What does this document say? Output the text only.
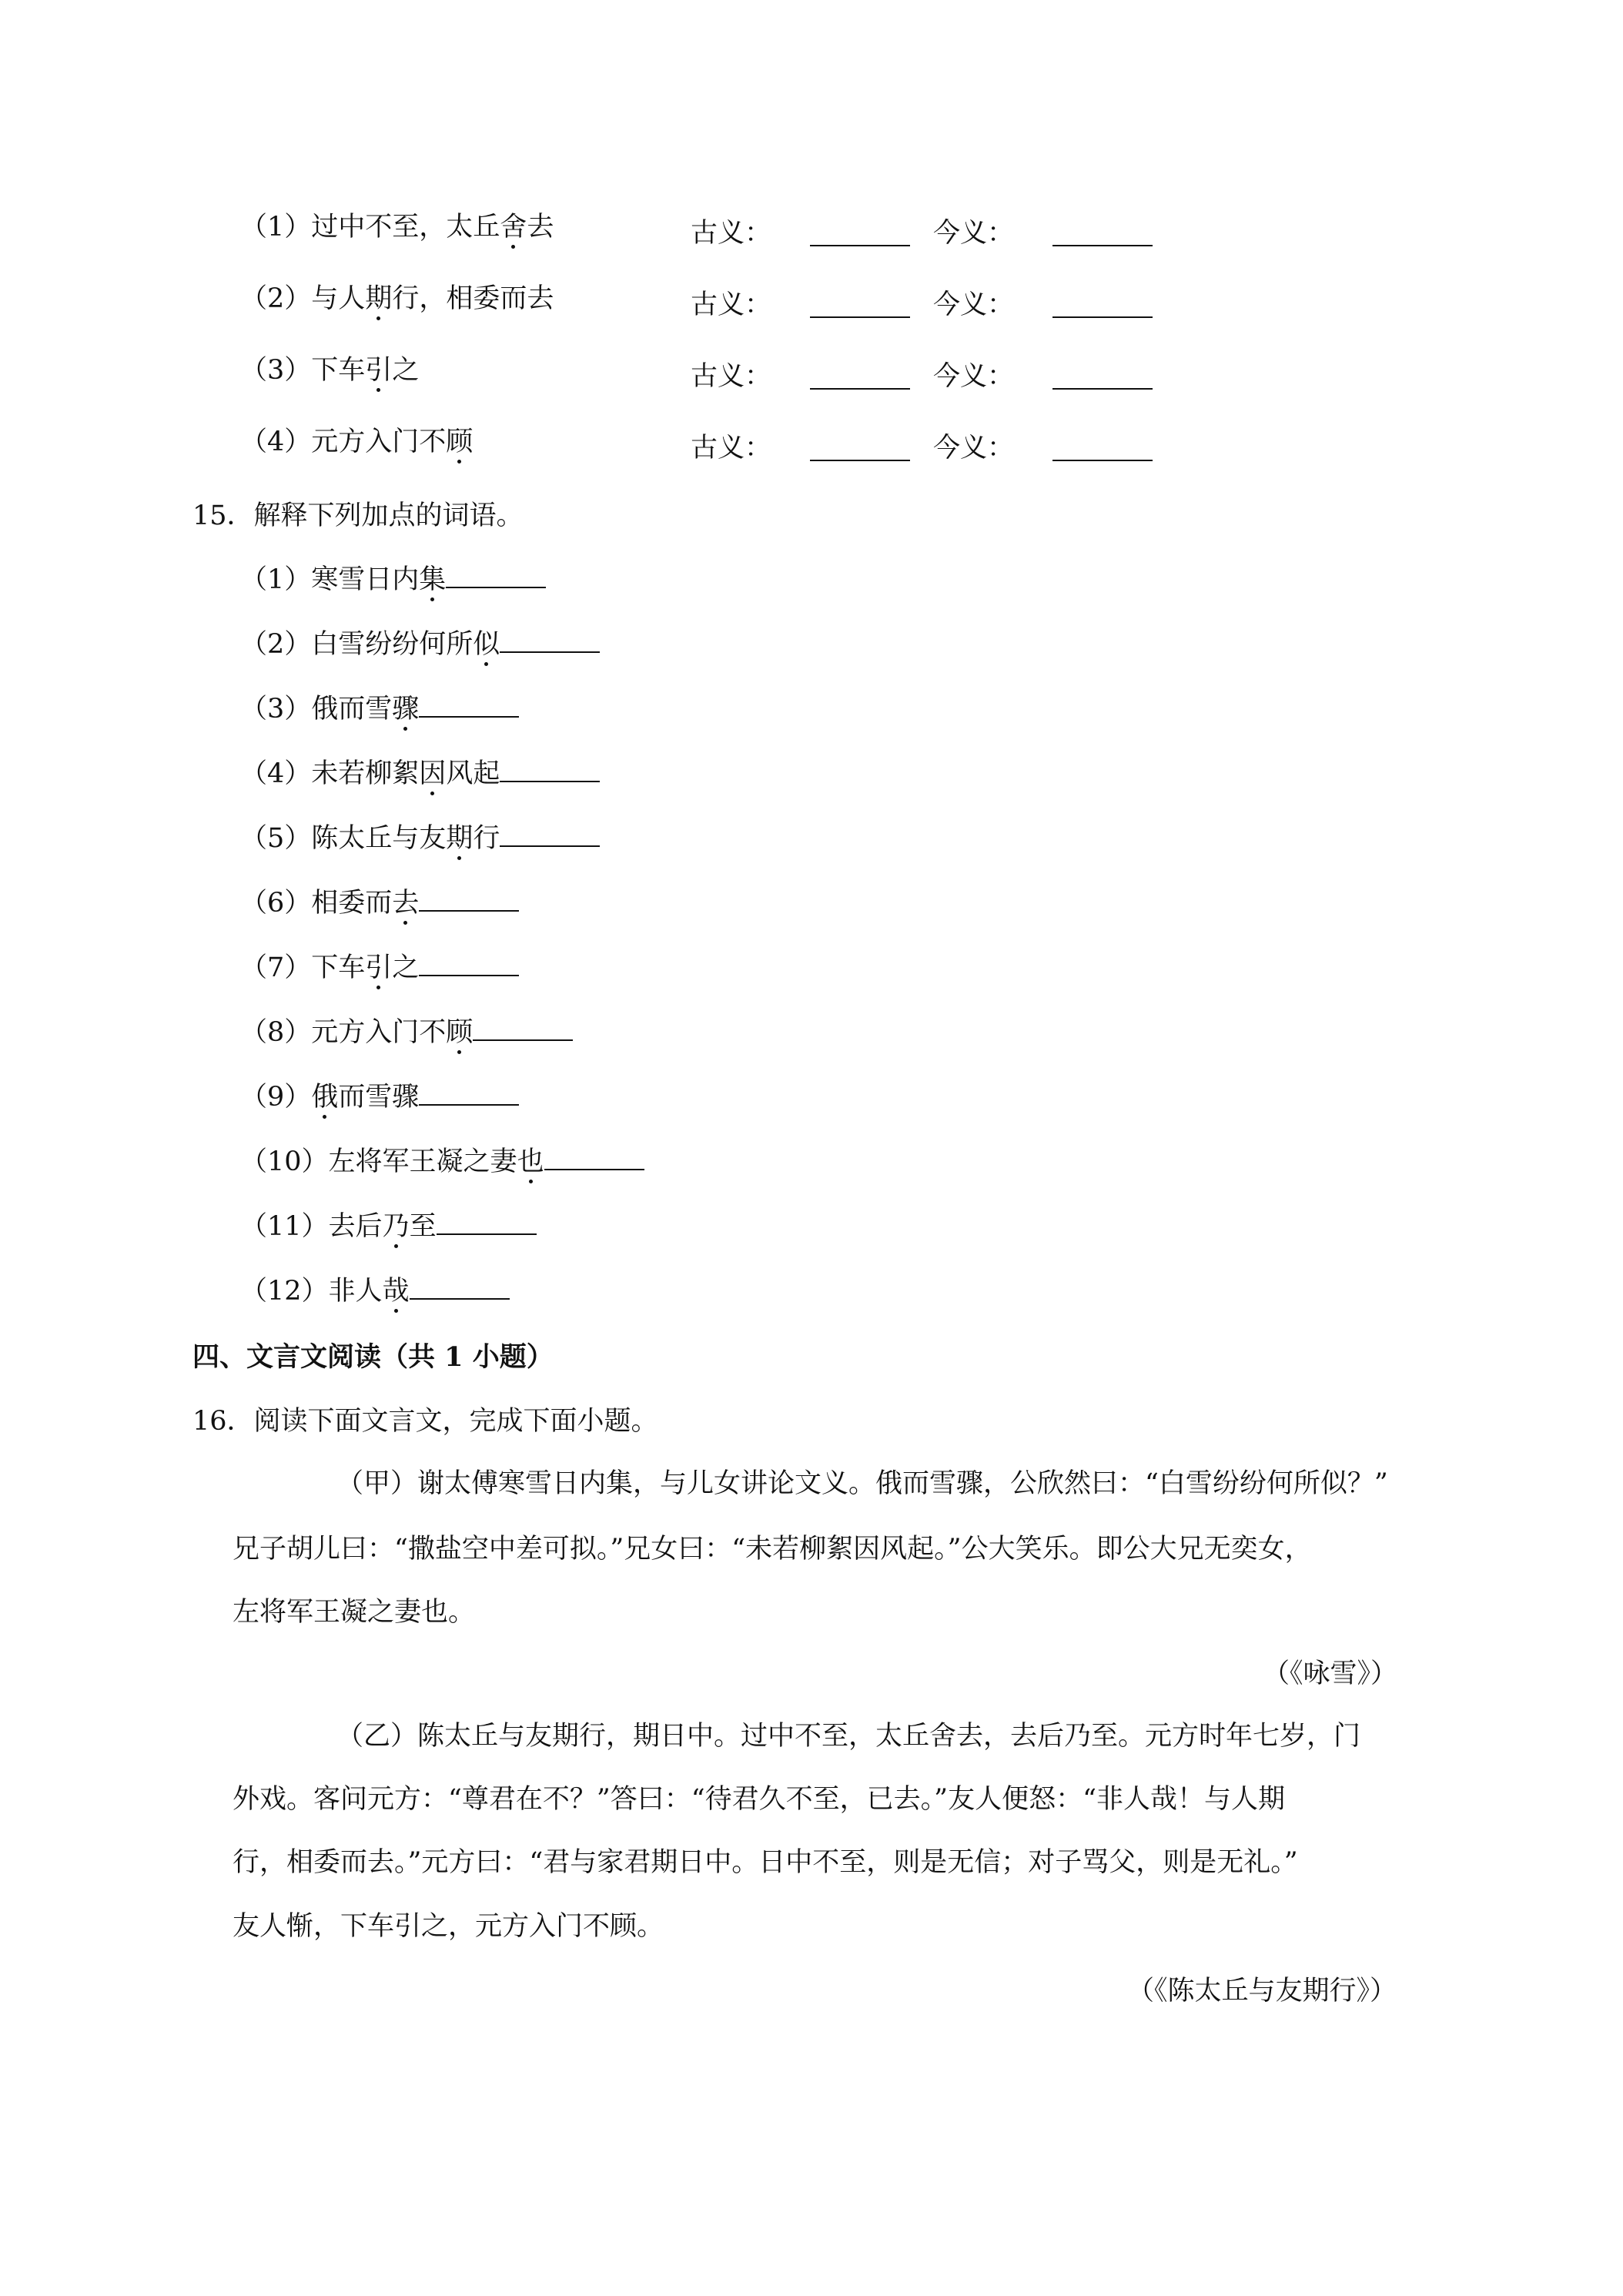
（1）过中不至，太丘舍去	古义：	今义：
（2）与人期行，相委而去	古义：	今义：
（3）下车引之	古义：	今义：
（4）元方入门不顾	古义：	今义：
15．解释下列加点的词语。
（1）寒雪日内集
（2）白雪纷纷何所似
（3）俄而雪骤
（4）未若柳絮因风起
（5）陈太丘与友期行
（6）相委而去
（7）下车引之
（8）元方入门不顾
（9）俄而雪骤
（10）左将军王凝之妻也
（11）去后乃至
（12）非人哉
四、文言文阅读（共 1 小题）
16．阅读下面文言文，完成下面小题。
（甲）谢太傅寒雪日内集，与儿女讲论文义。俄而雪骤，公欣然曰：“白雪纷纷何所似？”
兄子胡儿曰：“撒盐空中差可拟。”兄女曰：“未若柳絮因风起。”公大笑乐。即公大兄无奕女，
左将军王凝之妻也。
（《咏雪》）
（乙）陈太丘与友期行，期日中。过中不至，太丘舍去，去后乃至。元方时年七岁，门
外戏。客问元方：“尊君在不？”答曰：“待君久不至，已去。”友人便怒：“非人哉！与人期
行，相委而去。”元方曰：“君与家君期日中。日中不至，则是无信；对子骂父，则是无礼。”
友人惭，下车引之，元方入门不顾。
（《陈太丘与友期行》）
